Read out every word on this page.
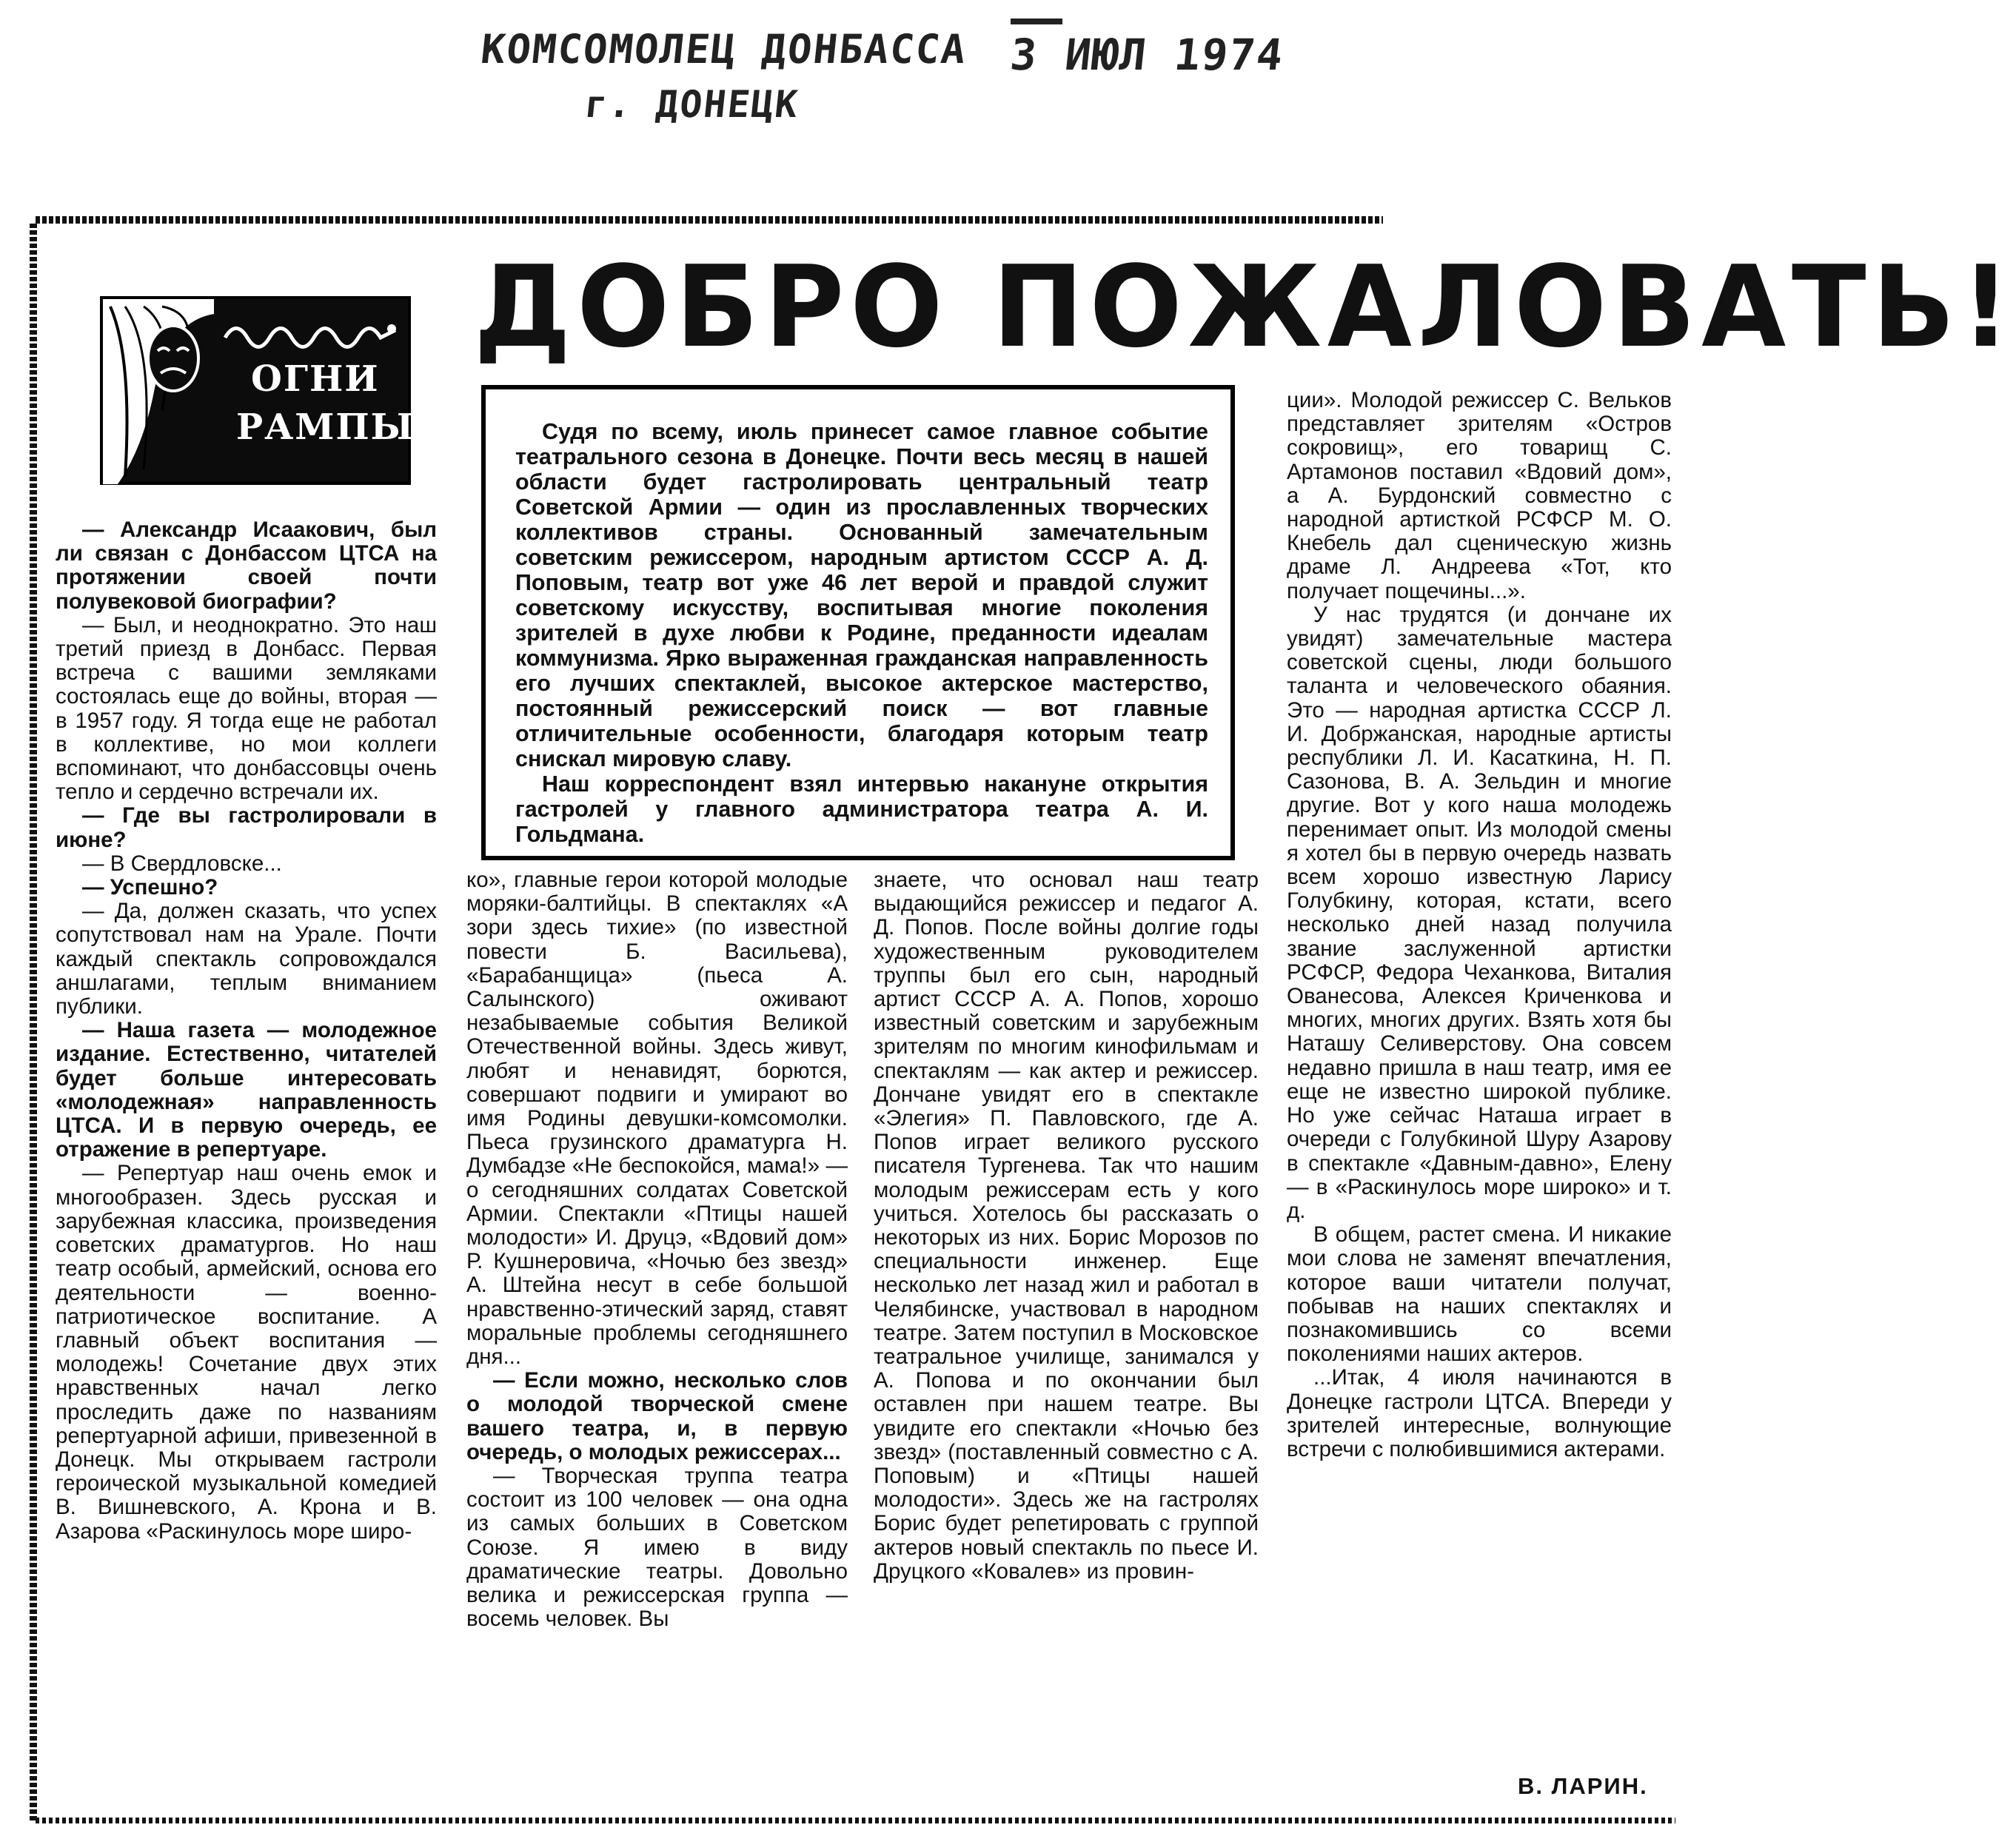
КОМСОМОЛЕЦ ДОНБАССА
г. ДОНЕЦК
3 ИЮЛ 1974
ОГНИ
РАМПЫ
ДОБРО ПОЖАЛОВАТЬ!

Судя по всему, июль принесет самое главное событие театрального сезона в Донецке. Почти весь месяц в нашей области будет гастролировать центральный театр Советской Армии — один из прославленных творческих коллективов страны. Основанный замечательным советским режиссером, народным артистом СССР А. Д. Поповым, театр вот уже 46 лет верой и правдой служит советскому искусству, воспитывая многие поколения зрителей в духе любви к Родине, преданности идеалам коммунизма. Ярко выраженная гражданская направленность его лучших спектаклей, высокое актерское мастерство, постоянный режиссерский поиск — вот главные отличительные особенности, благодаря которым театр снискал мировую славу.

Наш корреспондент взял интервью накануне открытия гастролей у главного администратора театра А. И. Гольдмана.

— Александр Исаакович, был ли связан с Донбассом ЦТСА на протяжении своей почти полувековой биографии?

— Был, и неоднократно. Это наш третий приезд в Донбасс. Первая встреча с вашими земляками состоялась еще до войны, вторая — в 1957 году. Я тогда еще не работал в коллективе, но мои коллеги вспоминают, что донбассовцы очень тепло и сердечно встречали их.

— Где вы гастролировали в июне?

— В Свердловске...

— Успешно?

— Да, должен сказать, что успех сопутствовал нам на Урале. Почти каждый спектакль сопровождался аншлагами, теплым вниманием публики.

— Наша газета — молодежное издание. Естественно, читателей будет больше интересовать «молодежная» направленность ЦТСА. И в первую очередь, ее отражение в репертуаре.

— Репертуар наш очень емок и многообразен. Здесь русская и зарубежная классика, произведения советских драматургов. Но наш театр особый, армейский, основа его деятельности — военно-патриотическое воспитание. А главный объект воспитания — молодежь! Сочетание двух этих нравственных начал легко проследить даже по названиям репертуарной афиши, привезенной в Донецк. Мы открываем гастроли героической музыкальной комедией В. Вишневского, А. Крона и В. Азарова «Раскинулось море широ-

ко», главные герои которой молодые моряки-балтийцы. В спектаклях «А зори здесь тихие» (по известной повести Б. Васильева), «Барабанщица» (пьеса А. Салынского) оживают незабываемые события Великой Отечественной войны. Здесь живут, любят и ненавидят, борются, совершают подвиги и умирают во имя Родины девушки-комсомолки. Пьеса грузинского драматурга Н. Думбадзе «Не беспокойся, мама!» — о сегодняшних солдатах Советской Армии. Спектакли «Птицы нашей молодости» И. Друцэ, «Вдовий дом» Р. Кушнеровича, «Ночью без звезд» А. Штейна несут в себе большой нравственно-этический заряд, ставят моральные проблемы сегодняшнего дня...

— Если можно, несколько слов о молодой творческой смене вашего театра, и, в первую очередь, о молодых режиссерах...

— Творческая труппа театра состоит из 100 человек — она одна из самых больших в Советском Союзе. Я имею в виду драматические театры. Довольно велика и режиссерская группа — восемь человек. Вы

знаете, что основал наш театр выдающийся режиссер и педагог А. Д. Попов. После войны долгие годы художественным руководителем труппы был его сын, народный артист СССР А. А. Попов, хорошо известный советским и зарубежным зрителям по многим кинофильмам и спектаклям — как актер и режиссер. Дончане увидят его в спектакле «Элегия» П. Павловского, где А. Попов играет великого русского писателя Тургенева. Так что нашим молодым режиссерам есть у кого учиться. Хотелось бы рассказать о некоторых из них. Борис Морозов по специальности инженер. Еще несколько лет назад жил и работал в Челябинске, участвовал в народном театре. Затем поступил в Московское театральное училище, занимался у А. Попова и по окончании был оставлен при нашем театре. Вы увидите его спектакли «Ночью без звезд» (поставленный совместно с А. Поповым) и «Птицы нашей молодости». Здесь же на гастролях Борис будет репетировать с группой актеров новый спектакль по пьесе И. Друцкого «Ковалев» из провин-

ции». Молодой режиссер С. Вельков представляет зрителям «Остров сокровищ», его товарищ С. Артамонов поставил «Вдовий дом», а А. Бурдонский совместно с народной артисткой РСФСР М. О. Кнебель дал сценическую жизнь драме Л. Андреева «Тот, кто получает пощечины...».

У нас трудятся (и дончане их увидят) замечательные мастера советской сцены, люди большого таланта и человеческого обаяния. Это — народная артистка СССР Л. И. Добржанская, народные артисты республики Л. И. Касаткина, Н. П. Сазонова, В. А. Зельдин и многие другие. Вот у кого наша молодежь перенимает опыт. Из молодой смены я хотел бы в первую очередь назвать всем хорошо известную Ларису Голубкину, которая, кстати, всего несколько дней назад получила звание заслуженной артистки РСФСР, Федора Чеханкова, Виталия Ованесова, Алексея Криченкова и многих, многих других. Взять хотя бы Наташу Селиверстову. Она совсем недавно пришла в наш театр, имя ее еще не известно широкой публике. Но уже сейчас Наташа играет в очереди с Голубкиной Шуру Азарову в спектакле «Давным-давно», Елену — в «Раскинулось море широко» и т. д.

В общем, растет смена. И никакие мои слова не заменят впечатления, которое ваши читатели получат, побывав на наших спектаклях и познакомившись со всеми поколениями наших актеров.

...Итак, 4 июля начинаются в Донецке гастроли ЦТСА. Впереди у зрителей интересные, волнующие встречи с полюбившимися актерами.

В. ЛАРИН.
